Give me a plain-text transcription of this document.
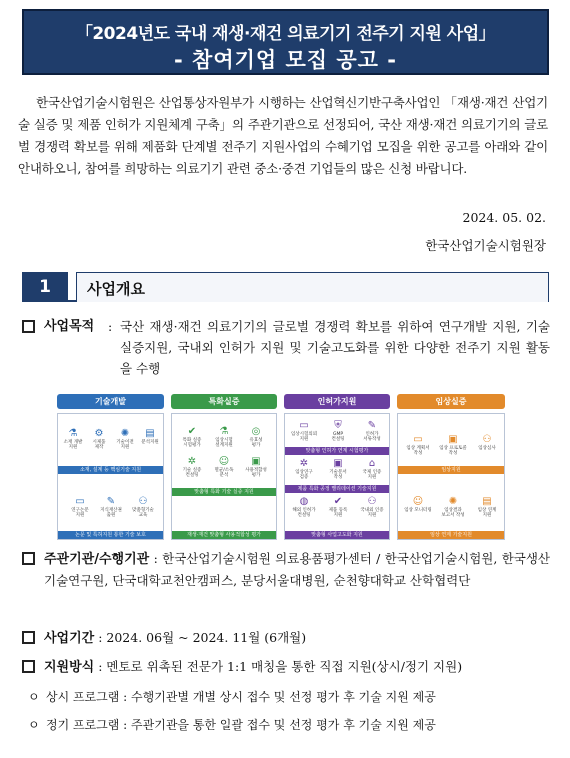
「2024년도 국내 재생·재건 의료기기 전주기 지원 사업」
- 참여기업 모집 공고 -
한국산업기술시험원은 산업통상자원부가 시행하는 산업혁신기반구축사업인 「재생·재건 산업기술 실증 및 제품 인허가 지원체계 구축」의 주관기관으로 선정되어, 국산 재생·재건 의료기기의 글로벌 경쟁력 확보를 위해 제품화 단계별 전주기 지원사업의 수혜기업 모집을 위한 공고를 아래와 같이 안내하오니, 참여를 희망하는 의료기기 관련 중소·중견 기업들의 많은 신청 바랍니다.
2024. 05. 02.
한국산업기술시험원장
1	사업개요
사업목적 : 국산 재생·재건 의료기기의 글로벌 경쟁력 확보를 위하여 연구개발 지원, 기술 실증지원, 국내외 인허가 지원 및 기술고도화를 위한 다양한 전주기 지원 활동을 수행
기술개발	특화실증	인허가지원	임상실증
⚗
소재 개발
지원
⚙
시제품
제작
✺
기술이전
지원
▤
분석지원
소재, 설계 등 핵심기술 지원
▭
연구논문
지원
✎
지식재산권
출원
⚇
맞춤형기술
교육
논문 및 특허지원 통한 기술 보호
✔
특화 실증
시험평가
⚗
임상시험
설계지원
◎
유효성
평가
✲
기술 실증
컨설팅
☺
멸균/소독
분석
▣
사용적합성
평가
맞춤형 특화 기술 실증 지원
재생·재건 맞춤형 사용적합성 평가
▭
임상시험의뢰
지원
⛨
GMP
컨설팅
✎
인허가
서류작성
맞춤형 인허가 연계 시험평가
✲
임상연구
검증
▣
기술문서
작성
⌂
국제 인증
지원
제품 특화 공정 밸리데이션 기술지원
◍
해외 인허가
컨설팅
✔
제품 등록
지원
⚇
국내외 인증
지원
맞춤형 사업고도화 지원
▭
임상 계획서
작성
▣
임상 프로토콜
작성
⚇
임상심사
임상지원
☺
임상 모니터링
✺
임상결과
보고서 작성
▤
임상 연계
지원
임상 연계 기술지원
주관기관/수행기관 : 한국산업기술시험원 의료용품평가센터 / 한국산업기술시험원, 한국생산기술연구원, 단국대학교천안캠퍼스, 분당서울대병원, 순천향대학교 산학협력단
사업기간 : 2024. 06월 ~ 2024. 11월 (6개월)
지원방식 : 멘토로 위촉된 전문가 1:1 매칭을 통한 직접 지원(상시/정기 지원)
ㅇ 상시 프로그램 : 수행기관별 개별 상시 접수 및 선정 평가 후 기술 지원 제공
ㅇ 정기 프로그램 : 주관기관을 통한 일괄 접수 및 선정 평가 후 기술 지원 제공
